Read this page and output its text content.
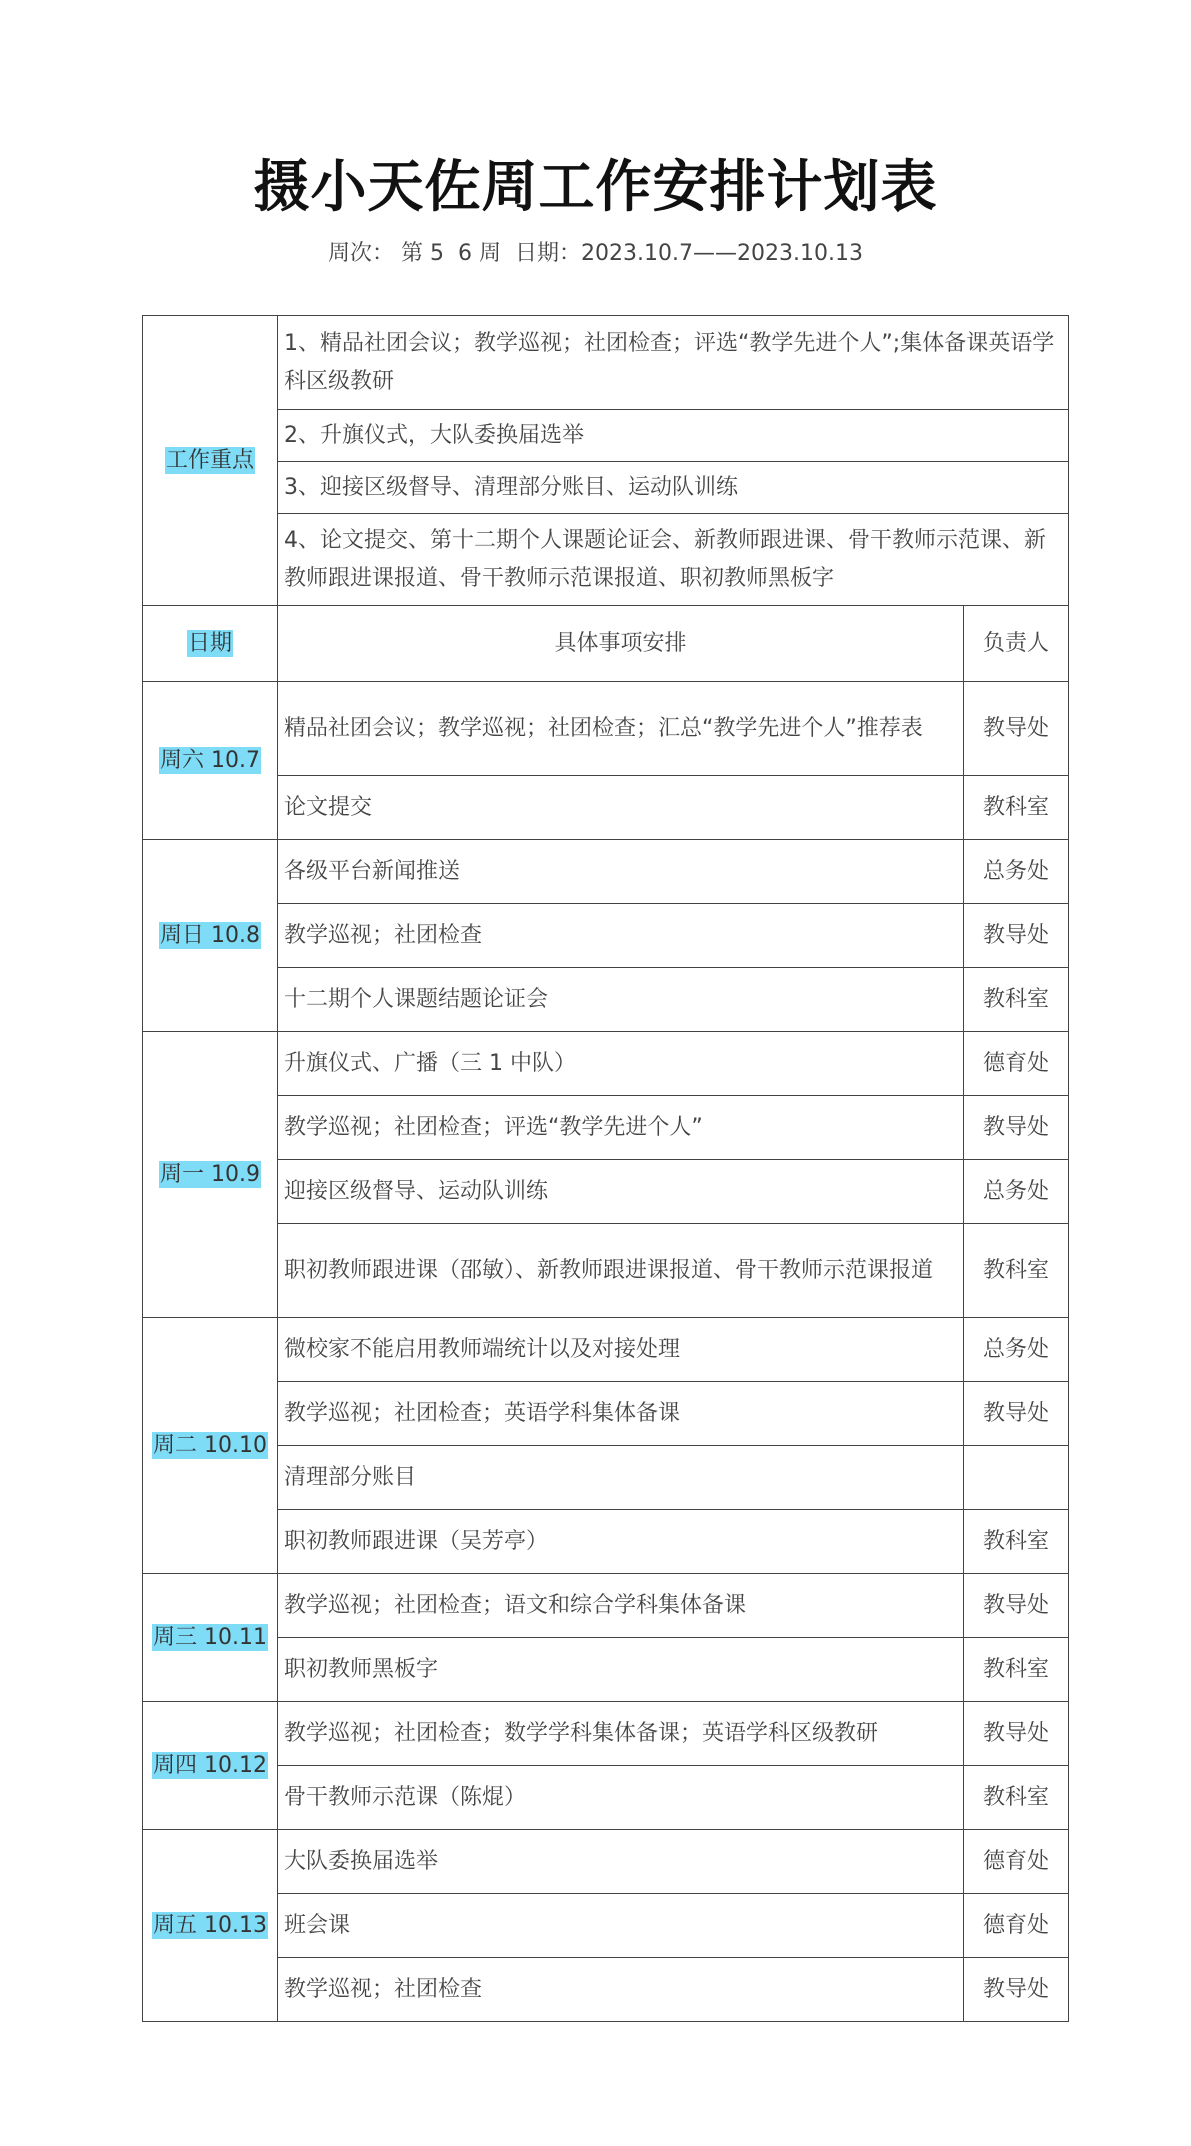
摄小天佐周工作安排计划表
周次： 第 5  6 周 日期：2023.10.7——2023.10.13
工作重点	1、精品社团会议；教学巡视；社团检查；评选“教学先进个人”;集体备课英语学科区级教研	
	2、升旗仪式，大队委换届选举	
	3、迎接区级督导、清理部分账目、运动队训练	
	4、论文提交、第十二期个人课题论证会、新教师跟进课、骨干教师示范课、新教师跟进课报道、骨干教师示范课报道、职初教师黑板字	
日期	具体事项安排	负责人
周六 10.7	精品社团会议；教学巡视；社团检查；汇总“教学先进个人”推荐表	教导处
	论文提交	教科室
周日 10.8	各级平台新闻推送	总务处
	教学巡视；社团检查	教导处
	十二期个人课题结题论证会	教科室
周一 10.9	升旗仪式、广播（三 1 中队）	德育处
	教学巡视；社团检查；评选“教学先进个人”	教导处
	迎接区级督导、运动队训练	总务处
	职初教师跟进课（邵敏）、新教师跟进课报道、骨干教师示范课报道	教科室
周二 10.10	微校家不能启用教师端统计以及对接处理	总务处
	教学巡视；社团检查；英语学科集体备课	教导处
	清理部分账目	
	职初教师跟进课（吴芳亭）	教科室
周三 10.11	教学巡视；社团检查；语文和综合学科集体备课	教导处
	职初教师黑板字	教科室
周四 10.12	教学巡视；社团检查；数学学科集体备课；英语学科区级教研	教导处
	骨干教师示范课（陈焜）	教科室
周五 10.13	大队委换届选举	德育处
	班会课	德育处
	教学巡视；社团检查	教导处
